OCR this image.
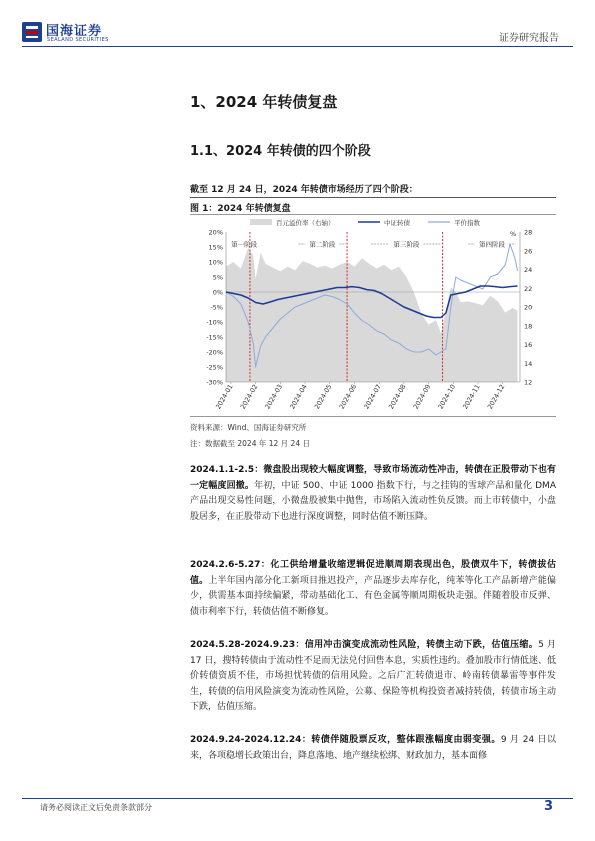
国海证券
SEALAND SECURITIES	证券研究报告
1、2024 年转债复盘
1.1、2024 年转债的四个阶段
截至 12 月 24 日，2024 年转债市场经历了四个阶段：
图 1：2024 年转债复盘
百元溢价率（右轴）	中证转债	平价指数
20%
15%
10%
5%
0%
-5%
-10%
-15%
-20%
-25%
-30%
28
26
24
22
20
18
16
14
12
%
第一阶段	第二阶段	第三阶段	第四阶段
2024-01 2024-02 2024-03 2024-04 2024-05 2024-06 2024-07 2024-08 2024-09 2024-10 2024-11 2024-12
资料来源：Wind、国海证券研究所
注：数据截至 2024 年 12 月 24 日
2024.1.1-2.5：微盘股出现较大幅度调整，导致市场流动性冲击，转债在正股带动下也有一定幅度回撤。年初，中证 500、中证 1000 指数下行，与之挂钩的雪球产品和量化 DMA 产品出现交易性问题，小微盘股被集中抛售，市场陷入流动性负反馈。而上市转债中，小盘股居多，在正股带动下也进行深度调整，同时估值不断压降。
2024.2.6-5.27：化工供给增量收缩逻辑促进顺周期表现出色，股债双牛下，转债拔估值。上半年国内部分化工新项目推迟投产，产品逐步去库存化，纯苯等化工产品新增产能偏少，供需基本面持续偏紧，带动基础化工、有色金属等顺周期板块走强。伴随着股市反弹、债市利率下行，转债估值不断修复。
2024.5.28-2024.9.23：信用冲击演变成流动性风险，转债主动下跌，估值压缩。5 月 17 日，搜特转债由于流动性不足而无法兑付回售本息，实质性违约。叠加股市行情低迷、低价转债资质不佳，市场担忧转债的信用风险。之后广汇转债退市、岭南转债暴雷等事件发生，转债的信用风险演变为流动性风险，公募、保险等机构投资者减持转债，转债市场主动下跌，估值压缩。
2024.9.24-2024.12.24：转债伴随股票反攻，整体跟涨幅度由弱变强。9 月 24 日以来，各项稳增长政策出台，降息落地、地产继续松绑、财政加力，基本面修
请务必阅读正文后免责条款部分	3
